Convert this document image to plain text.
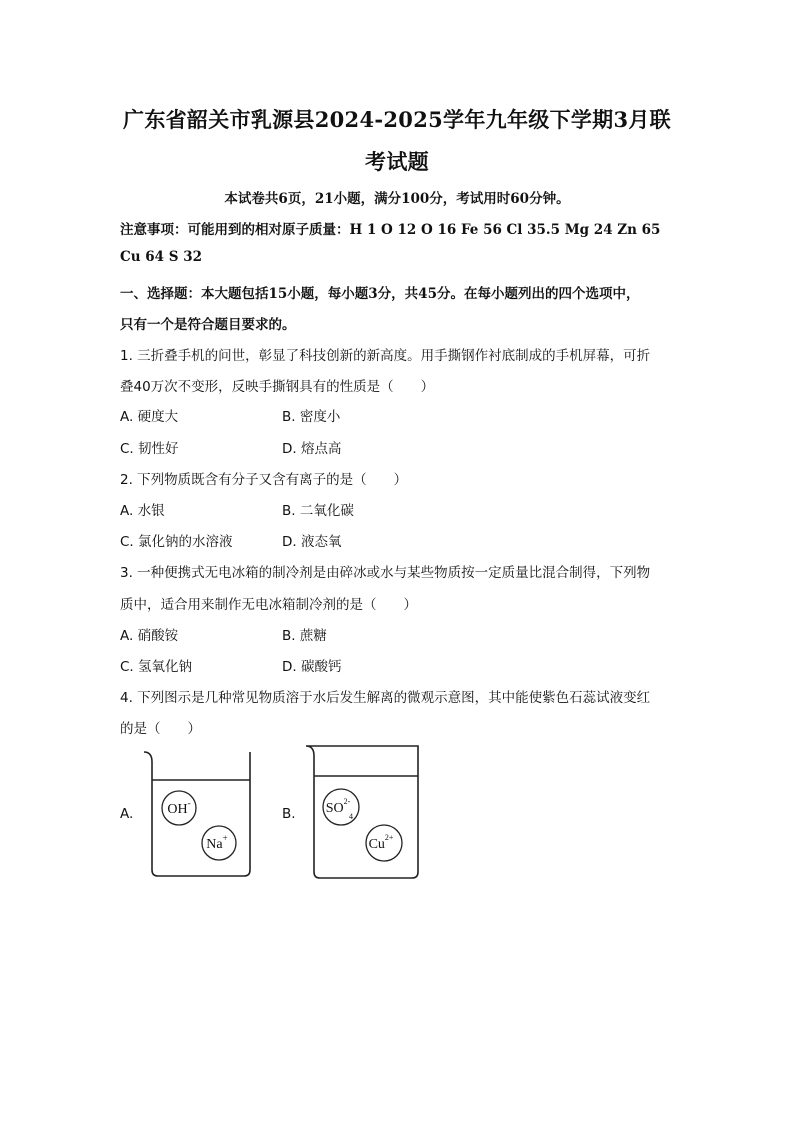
广东省韶关市乳源县2024-2025学年九年级下学期3月联
考试题
本试卷共6页，21小题，满分100分，考试用时60分钟。
注意事项：可能用到的相对原子质量：H 1 O 12 O 16 Fe 56 Cl 35.5 Mg 24 Zn 65
Cu 64 S 32
一、选择题：本大题包括15小题，每小题3分，共45分。在每小题列出的四个选项中，
只有一个是符合题目要求的。
1. 三折叠手机的问世，彰显了科技创新的新高度。用手撕钢作衬底制成的手机屏幕，可折
叠40万次不变形，反映手撕钢具有的性质是（　　）
A. 硬度大	B. 密度小
C. 韧性好	D. 熔点高
2. 下列物质既含有分子又含有离子的是（　　）
A. 水银	B. 二氧化碳
C. 氯化钠的水溶液	D. 液态氧
3. 一种便携式无电冰箱的制冷剂是由碎冰或水与某些物质按一定质量比混合制得，下列物
质中，适合用来制作无电冰箱制冷剂的是（　　）
A. 硝酸铵	B. 蔗糖
C. 氢氧化钠	D. 碳酸钙
4. 下列图示是几种常见物质溶于水后发生解离的微观示意图，其中能使紫色石蕊试液变红
的是（　　）
A. OH-
Na+
B. $SO^{2-}$
4
$Cu^{2+}$
